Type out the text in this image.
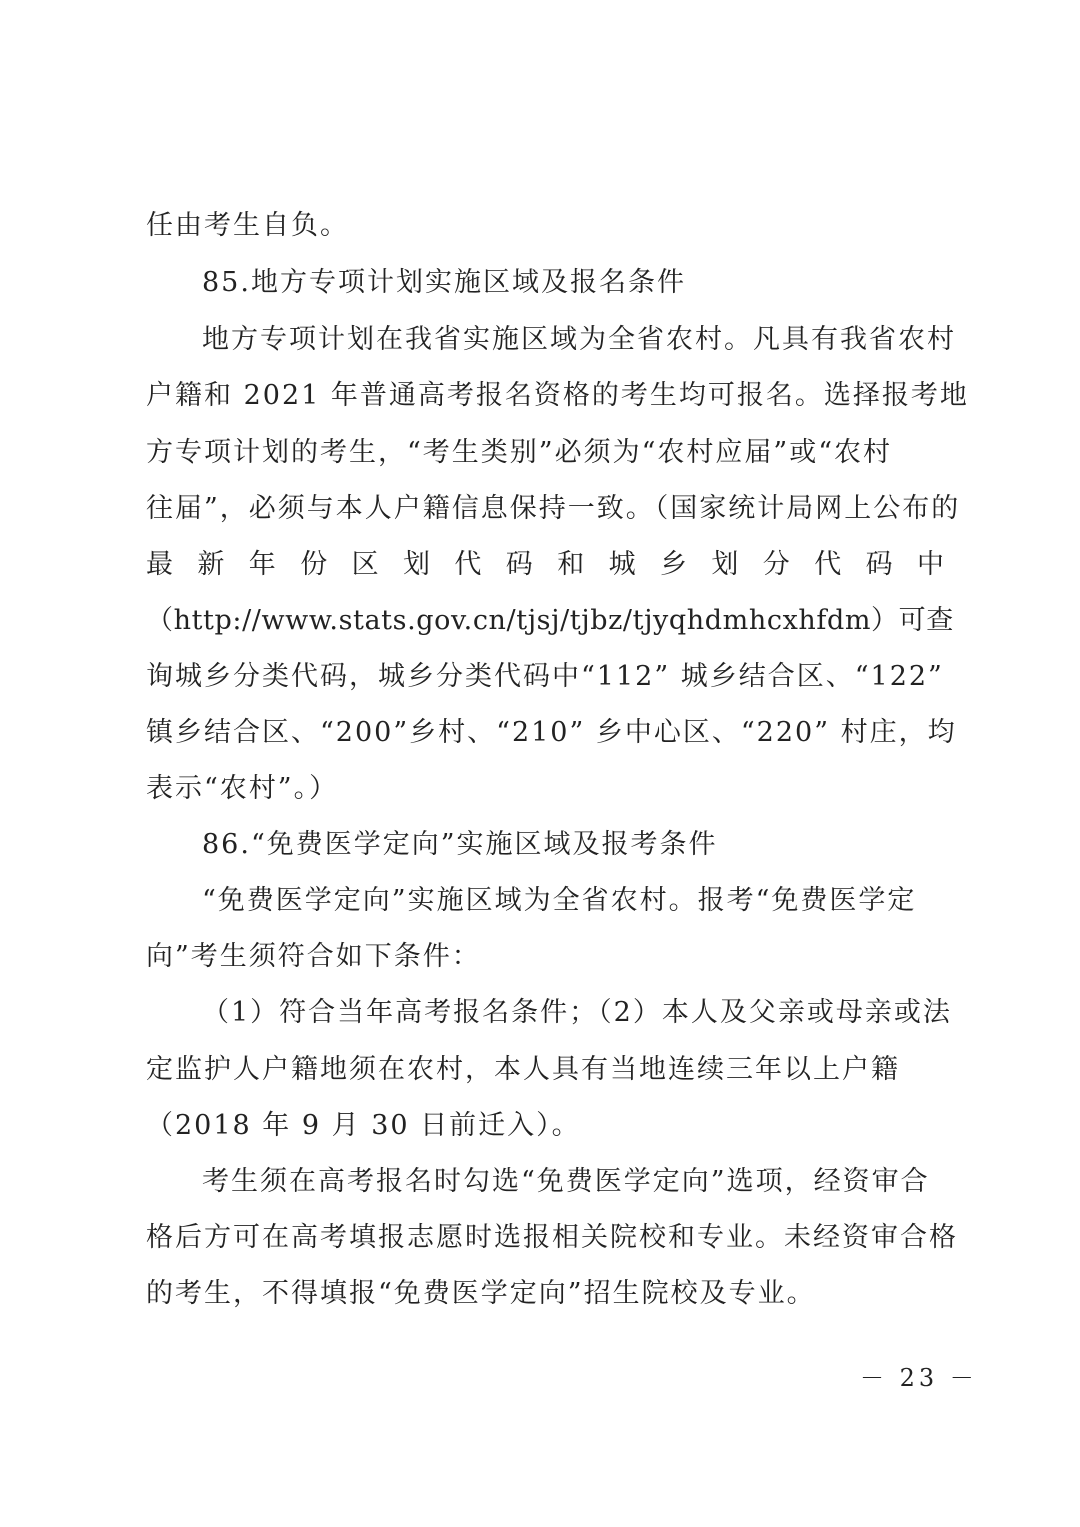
任由考生自负。
85.地方专项计划实施区域及报名条件
地方专项计划在我省实施区域为全省农村。凡具有我省农村
户籍和 2021 年普通高考报名资格的考生均可报名。选择报考地
方专项计划的考生，“考生类别”必须为“农村应届”或“农村
往届”，必须与本人户籍信息保持一致。（国家统计局网上公布的
最新年份区划代码和城乡划分代码中
（http://www.stats.gov.cn/tjsj/tjbz/tjyqhdmhcxhfdm）可查
询城乡分类代码，城乡分类代码中“112” 城乡结合区、“122”
镇乡结合区、“200”乡村、“210” 乡中心区、“220” 村庄，均
表示“农村”。）
86.“免费医学定向”实施区域及报考条件
“免费医学定向”实施区域为全省农村。报考“免费医学定
向”考生须符合如下条件：
（1）符合当年高考报名条件；（2）本人及父亲或母亲或法
定监护人户籍地须在农村，本人具有当地连续三年以上户籍
（2018 年 9 月 30 日前迁入）。
考生须在高考报名时勾选“免费医学定向”选项，经资审合
格后方可在高考填报志愿时选报相关院校和专业。未经资审合格
的考生，不得填报“免费医学定向”招生院校及专业。
－ 23 －
